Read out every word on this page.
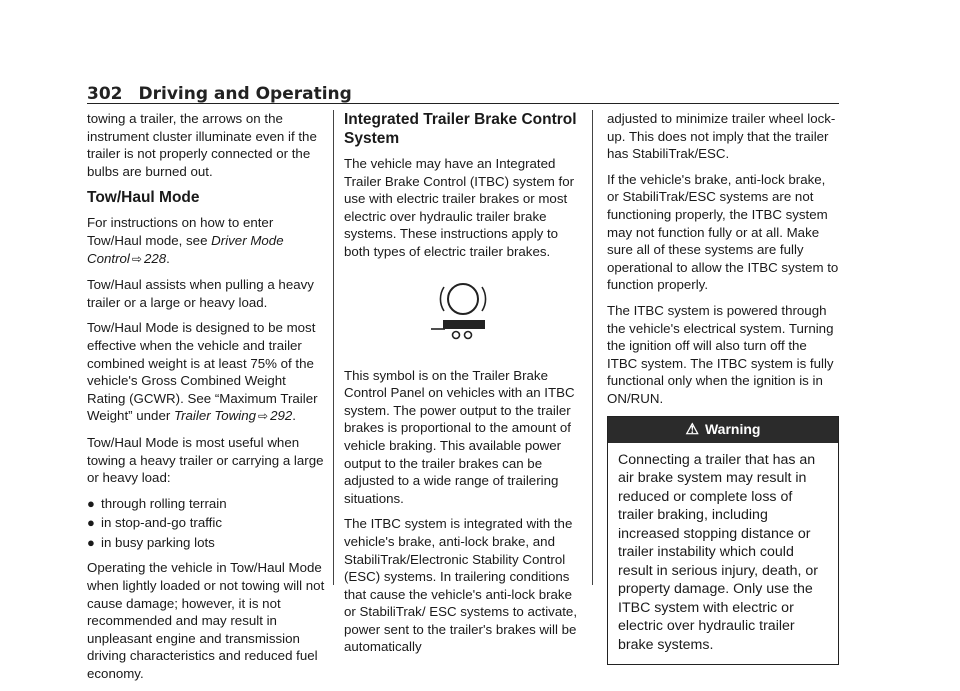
302 Driving and Operating

towing a trailer, the arrows on the instrument cluster illuminate even if the trailer is not properly connected or the bulbs are burned out.

Tow/Haul Mode

For instructions on how to enter Tow/Haul mode, see Driver Mode Control ⇨ 228.

Tow/Haul assists when pulling a heavy trailer or a large or heavy load.

Tow/Haul Mode is designed to be most effective when the vehicle and trailer combined weight is at least 75% of the vehicle's Gross Combined Weight Rating (GCWR). See “Maximum Trailer Weight” under Trailer Towing ⇨ 292.

Tow/Haul Mode is most useful when towing a heavy trailer or carrying a large or heavy load:

● through rolling terrain
● in stop-and-go traffic
● in busy parking lots

Operating the vehicle in Tow/Haul Mode when lightly loaded or not towing will not cause damage; however, it is not recommended and may result in unpleasant engine and transmission driving characteristics and reduced fuel economy.

Integrated Trailer Brake Control System

The vehicle may have an Integrated Trailer Brake Control (ITBC) system for use with electric trailer brakes or most electric over hydraulic trailer brake systems. These instructions apply to both types of electric trailer brakes.

This symbol is on the Trailer Brake Control Panel on vehicles with an ITBC system. The power output to the trailer brakes is proportional to the amount of vehicle braking. This available power output to the trailer brakes can be adjusted to a wide range of trailering situations.

The ITBC system is integrated with the vehicle's brake, anti-lock brake, and StabiliTrak/Electronic Stability Control (ESC) systems. In trailering conditions that cause the vehicle's anti-lock brake or StabiliTrak/ ESC systems to activate, power sent to the trailer's brakes will be automatically

adjusted to minimize trailer wheel lock-up. This does not imply that the trailer has StabiliTrak/ESC.

If the vehicle's brake, anti-lock brake, or StabiliTrak/ESC systems are not functioning properly, the ITBC system may not function fully or at all. Make sure all of these systems are fully operational to allow the ITBC system to function properly.

The ITBC system is powered through the vehicle's electrical system. Turning the ignition off will also turn off the ITBC system. The ITBC system is fully functional only when the ignition is in ON/RUN.

⚠ Warning
Connecting a trailer that has an air brake system may result in reduced or complete loss of trailer braking, including increased stopping distance or trailer instability which could result in serious injury, death, or property damage. Only use the ITBC system with electric or electric over hydraulic trailer brake systems.
